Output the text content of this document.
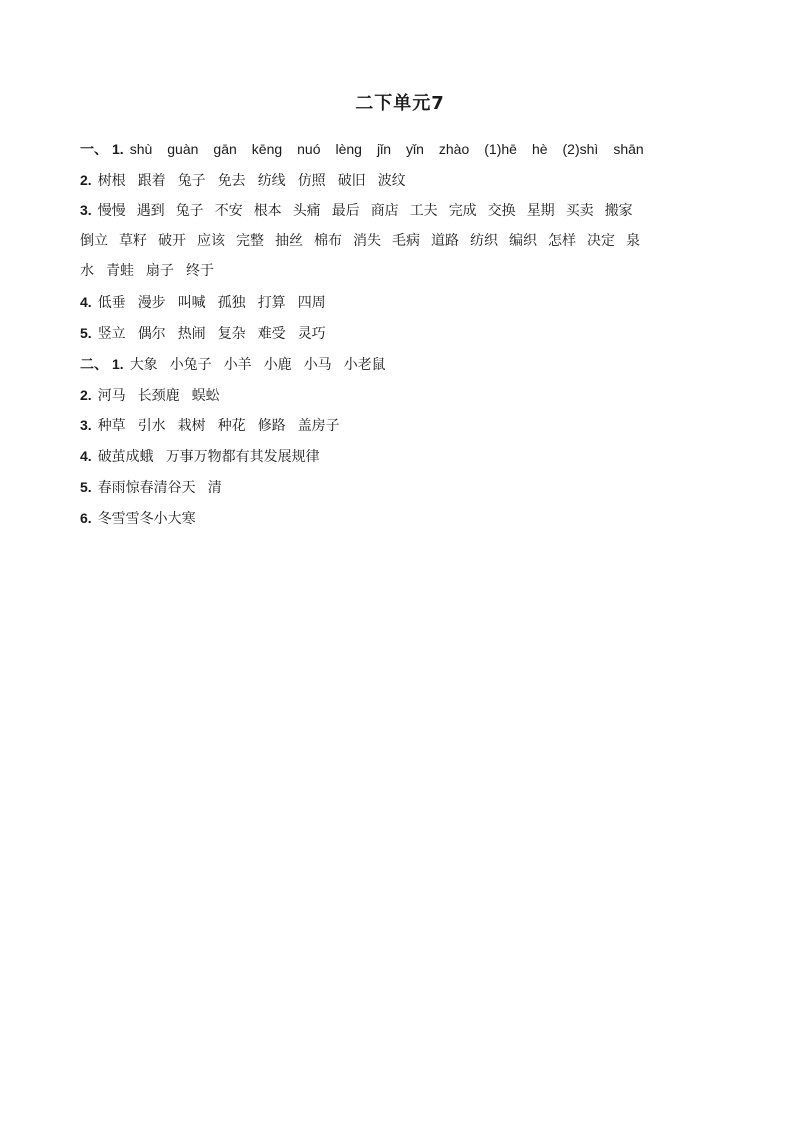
二下单元7
一、 1. shù guàn gān kēng nuó lèng jǐn yǐn zhào (1)hē hè (2)shì shān
2. 树根 跟着 兔子 免去 纺线 仿照 破旧 波纹
3. 慢慢 遇到 兔子 不安 根本 头痛 最后 商店 工夫 完成 交换 星期 买卖 搬家
倒立 草籽 破开 应该 完整 抽丝 棉布 消失 毛病 道路 纺织 编织 怎样 决定 泉
水 青蛙 扇子 终于
4. 低垂 漫步 叫喊 孤独 打算 四周
5. 竖立 偶尔 热闹 复杂 难受 灵巧
二、 1. 大象 小兔子 小羊 小鹿 小马 小老鼠
2. 河马 长颈鹿 蜈蚣
3. 种草 引水 栽树 种花 修路 盖房子
4. 破茧成蛾 万事万物都有其发展规律
5. 春雨惊春清谷天 清
6. 冬雪雪冬小大寒
